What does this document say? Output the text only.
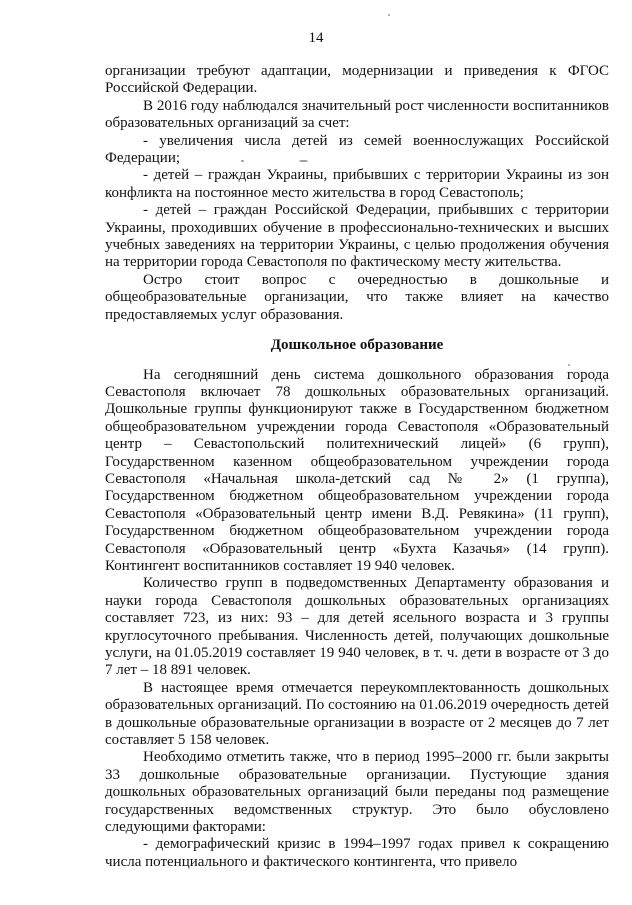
14

организации требуют адаптации, модернизации и приведения к ФГОС Российской Федерации.

В 2016 году наблюдался значительный рост численности воспитанников образовательных организаций за счет:

- увеличения числа детей из семей военнослужащих Российской Федерации;

- детей – граждан Украины, прибывших с территории Украины из зон конфликта на постоянное место жительства в город Севастополь;

- детей – граждан Российской Федерации, прибывших с территории Украины, проходивших обучение в профессионально-технических и высших учебных заведениях на территории Украины, с целью продолжения обучения на территории города Севастополя по фактическому месту жительства.

Остро стоит вопрос с очередностью в дошкольные и общеобразовательные организации, что также влияет на качество предоставляемых услуг образования.

Дошкольное образование

На сегодняшний день система дошкольного образования города Севастополя включает 78 дошкольных образовательных организаций. Дошкольные группы функционируют также в Государственном бюджетном общеобразовательном учреждении города Севастополя «Образовательный центр – Севастопольский политехнический лицей» (6 групп), Государственном казенном общеобразовательном учреждении города Севастополя «Начальная школа-детский сад № 2» (1 группа), Государственном бюджетном общеобразовательном учреждении города Севастополя «Образовательный центр имени В.Д. Ревякина» (11 групп), Государственном бюджетном общеобразовательном учреждении города Севастополя «Образовательный центр «Бухта Казачья» (14 групп). Контингент воспитанников составляет 19 940 человек.

Количество групп в подведомственных Департаменту образования и науки города Севастополя дошкольных образовательных организациях составляет 723, из них: 93 – для детей ясельного возраста и 3 группы круглосуточного пребывания. Численность детей, получающих дошкольные услуги, на 01.05.2019 составляет 19 940 человек, в т. ч. дети в возрасте от 3 до 7 лет – 18 891 человек.

В настоящее время отмечается переукомплектованность дошкольных образовательных организаций. По состоянию на 01.06.2019 очередность детей в дошкольные образовательные организации в возрасте от 2 месяцев до 7 лет составляет 5 158 человек.

Необходимо отметить также, что в период 1995–2000 гг. были закрыты 33 дошкольные образовательные организации. Пустующие здания дошкольных образовательных организаций были переданы под размещение государственных ведомственных структур. Это было обусловлено следующими факторами:

- демографический кризис в 1994–1997 годах привел к сокращению числа потенциального и фактического контингента, что привело
